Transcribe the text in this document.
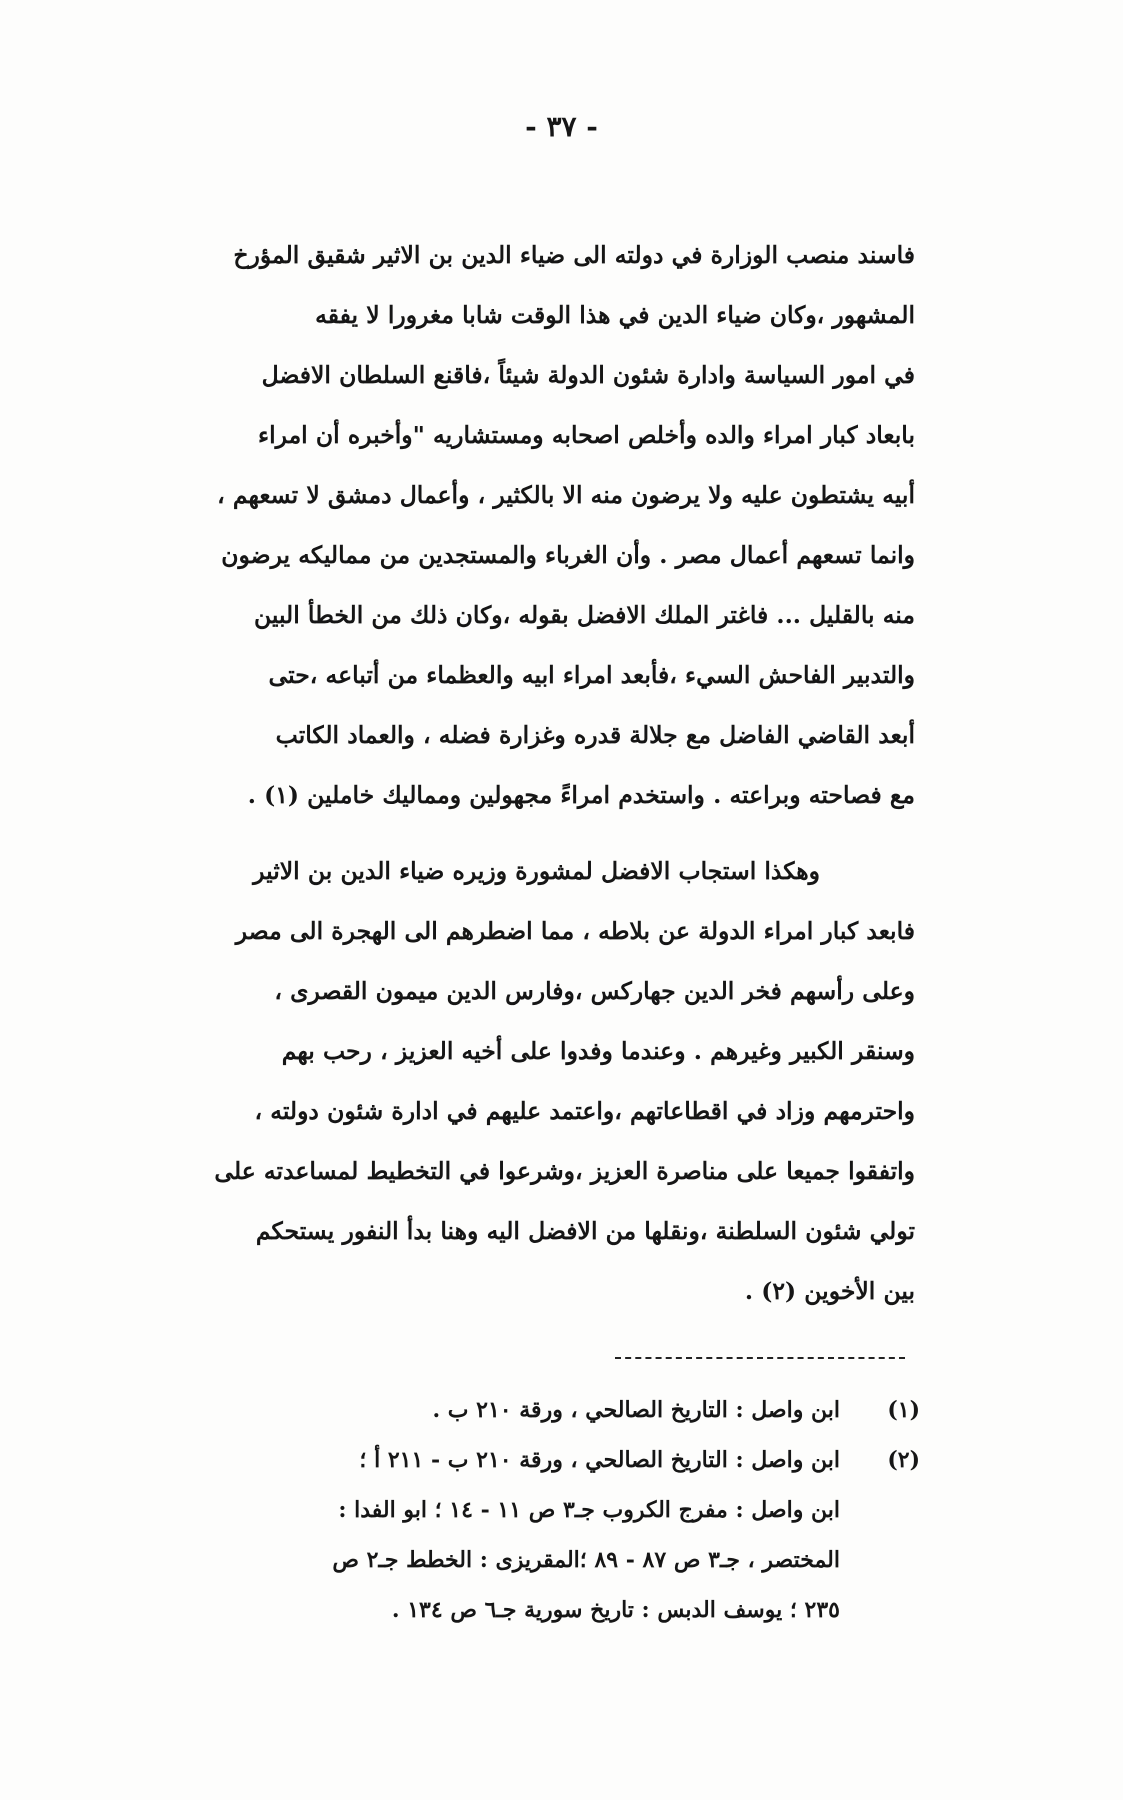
- ٣٧ -
فاسند منصب الوزارة في دولته الى ضياء الدين بن الاثير شقيق المؤرخ
المشهور ،وكان ضياء الدين في هذا الوقت شابا مغرورا لا يفقه
في امور السياسة وادارة شئون الدولة شيئاً ،فاقنع السلطان الافضل
بابعاد كبار امراء والده وأخلص اصحابه ومستشاريه "وأخبره أن امراء
أبيه يشتطون عليه ولا يرضون منه الا بالكثير ، وأعمال دمشق لا تسعهم ،
وانما تسعهم أعمال مصر . وأن الغرباء والمستجدين من مماليكه يرضون
منه بالقليل ... فاغتر الملك الافضل بقوله ،وكان ذلك من الخطأ البين
والتدبير الفاحش السيء ،فأبعد امراء ابيه والعظماء من أتباعه ،حتى
أبعد القاضي الفاضل مع جلالة قدره وغزارة فضله ، والعماد الكاتب
مع فصاحته وبراعته . واستخدم امراءً مجهولين ومماليك خاملين (١) .
وهكذا استجاب الافضل لمشورة وزيره ضياء الدين بن الاثير
فابعد كبار امراء الدولة عن بلاطه ، مما اضطرهم الى الهجرة الى مصر
وعلى رأسهم فخر الدين جهاركس ،وفارس الدين ميمون القصرى ،
وسنقر الكبير وغيرهم . وعندما وفدوا على أخيه العزيز ، رحب بهم
واحترمهم وزاد في اقطاعاتهم ،واعتمد عليهم في ادارة شئون دولته ،
واتفقوا جميعا على مناصرة العزيز ،وشرعوا في التخطيط لمساعدته على
تولي شئون السلطنة ،ونقلها من الافضل اليه وهنا بدأ النفور يستحكم
بين الأخوين (٢) .
(١)ابن واصل : التاريخ الصالحي ، ورقة ٢١٠ ب .
(٢)ابن واصل : التاريخ الصالحي ، ورقة ٢١٠ ب - ٢١١ أ ؛
ابن واصل : مفرج الكروب جـ٣ ص ١١ - ١٤ ؛ ابو الفدا :
المختصر ، جـ٣ ص ٨٧ - ٨٩ ؛المقريزى : الخطط جـ٢ ص
٢٣٥ ؛ يوسف الدبس : تاريخ سورية جـ٦ ص ١٣٤ .
